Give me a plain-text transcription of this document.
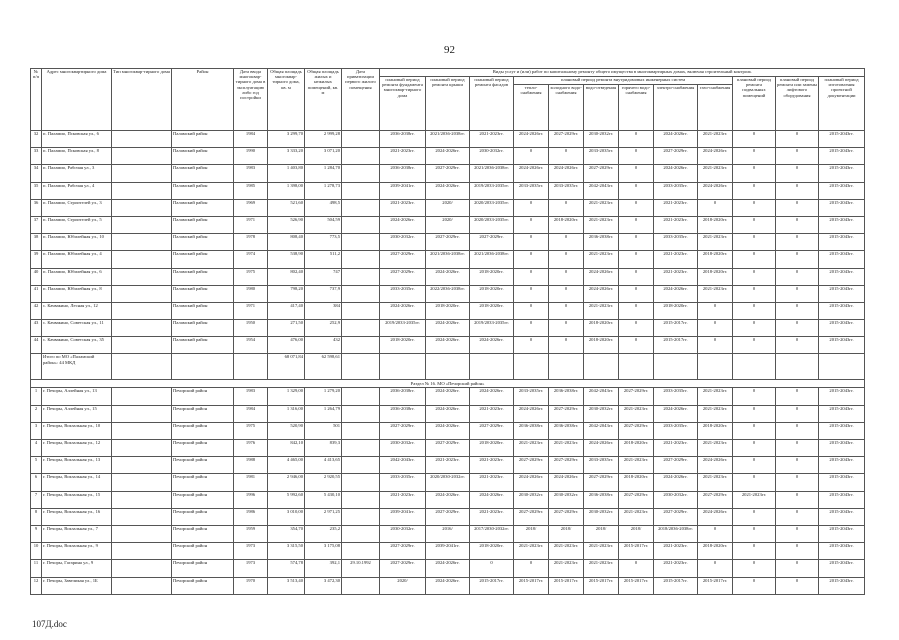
92
№ п/п	Адрес многоквартирного дома	Тип многоквар-тирного дома	Район	Дата ввода многоквар-тирного дома в эксплуатацию либо год постройки	Общая площадь многоквар-тирного дома, кв. м	Общая площадь жилых и нежилых помещений, кв. м	Дата приватизации первого жилого помещения	Виды услуг и (или) работ по капитальному ремонту общего имущества в многоквартирных домах, включая строительный контроль											
								плановый период ремонта фундамента многоквар-тирного дома	плановый период ремонта крыши	плановый период ремонта фасадов	плановый период ремонта внутридомовых инженерных систем						плановый период ремонта подвальных помещений	плановый период ремонта или замены лифтового оборудования	плановый период изготовления проектной документации
											тепло-снабжения	холодного водо-снабжения	водо-отведения	горячего водо-снабжения	электро-снабжения	газо-снабжения			
32	п. Паламио, Псковская ул., 6		Паламский район	1984	3 299,70	2 999,28		2036-2038гг.	2021/2036-2038гг.	2021-2023гг.	2024-2026гг.	2027-2029гг.	2030-2032гг.	0	2024-2026гг.	2021-2023гг.	0	0	2015-2043гг.
33	п. Паламио, Псковская ул., 8		Паламский район	1990	3 333,20	3 071,20		2021-2023гг.	2024-2026гг.	2030-2032гг.	0	0	2033-2035гг.	0	2027-2029гг.	2024-2026гг.	0	0	2015-2043гг.
34	п. Паламио, Рабочая ул., 3		Паламский район	1983	1 403,80	1 284,70		2036-2038гг.	2027-2029гг.	2021/2036-2038гг.	2024-2026гг.	2024-2026гг.	2027-2029гг.	0	2024-2026гг.	2021-2023гг.	0	0	2015-2043гг.
35	п. Паламио, Рабочая ул., 4		Паламский район	1985	1 398,00	1 278,73		2039-2041гг.	2024-2026гг.	2019/2033-2035гг.	2033-2035гг.	2033-2035гг.	2042-2043гг.	0	2033-2035гг.	2024-2026гг.	0	0	2015-2043гг.
36	п. Паламио, Строителей ул., 3		Паламский район	1969	521,60	498,5		2021-2023гг.	2020/	2020/2033-2035гг.	0	0	2021-2023гг.	0	2021-2023гг.	0	0	0	2015-2043гг.
37	п. Паламио, Строителей ул., 5		Паламский район	1971	526,90	504,59		2024-2026гг.	2020/	2020/2033-2035гг.	0	2018-2020гг.	2021-2023гг.	0	2021-2023гг.	2018-2020гг.	0	0	2015-2043гг.
38	п. Паламио, Юбилейная ул., 10		Паламский район	1978	808,40	773,5		2030-2032гг.	2027-2029гг.	2027-2029гг.	0	0	2036-2038гг.	0	2033-2035гг.	2021-2023гг.	0	0	2015-2043гг.
39	п. Паламио, Юбилейная ул., 4		Паламский район	1974	538,90	511,2		2027-2029гг.	2021/2036-2038гг.	2021/2036-2038гг.	0	0	2021-2023гг.	0	2021-2023гг.	2018-2020гг.	0	0	2015-2043гг.
40	п. Паламио, Юбилейная ул., 6		Паламский район	1975	802,40	747		2027-2029гг.	2024-2026гг.	2018-2020гг.	0	0	2024-2026гг.	0	2021-2023гг.	2018-2020гг.	0	0	2015-2043гг.
41	п. Паламио, Юбилейная ул., 8		Паламский район	1980	798,20	737,9		2033-2035гг.	2022/2036-2038гг.	2018-2020гг.	0	0	2024-2026гг.	0	2024-2026гг.	2021-2023гг.	0	0	2015-2043гг.
42	с. Качвакино, Лесная ул., 12		Паламский район	1971	417,40	384		2024-2026гг.	2018-2020гг.	2018-2020гг.	0	0	2021-2023гг.	0	2018-2020гг.	0	0	0	2015-2043гг.
43	с. Качвакино, Советская ул., 11		Паламский район	1950	271,50	252,9		2019/2033-2035гг.	2024-2026гг.	2019/2033-2035гг.	0	0	2018-2020гг.	0	2015-2017гг.	0	0	0	2015-2043гг.
44	с. Качвакино, Советская ул., 35		Паламский район	1954	476,00	432		2018-2020гг.	2024-2026гг.	2024-2026гг.	0	0	2018-2020гг.	0	2015-2017гг.	0	0	0	2015-2043гг.
	Итого по МО «Паламский район»: 44 МКД				68 071,84	62 598,61													
Раздел № 16. МО «Печорский район»																			
1	г. Печоры, Аллейная ул., 13		Печорский район	1983	1 329,00	1 279,20		2036-2038гг.	2024-2026гг.	2024-2026гг.	2033-2035гг.	2036-2038гг.	2042-2043гг.	2027-2029гг.	2033-2035гг.	2021-2023гг.	0	0	2015-2043гг.
2	г. Печоры, Аллейная ул., 15		Печорский район	1984	1 316,00	1 264,79		2036-2038гг.	2024-2026гг.	2021-2023гг.	2024-2026гг.	2027-2029гг.	2030-2032гг.	2021-2023гг.	2024-2026гг.	2021-2023гг.	0	0	2015-2043гг.
3	г. Печоры, Вокзальная ул., 10		Печорский район	1975	520,90	501		2027-2029гг.	2024-2026гг.	2027-2029гг.	2036-2038гг.	2036-2038гг.	2042-2043гг.	2027-2029гг.	2033-2035гг.	2018-2020гг.	0	0	2015-2043гг.
4	г. Печоры, Вокзальная ул., 12		Печорский район	1976	842,10	839,3		2030-2032гг.	2027-2029гг.	2018-2020гг.	2021-2023гг.	2021-2023гг.	2024-2026гг.	2018-2020гг.	2021-2023гг.	2021-2023гг.	0	0	2015-2043гг.
5	г. Печоры, Вокзальная ул., 13		Печорский район	1988	4 465,00	4 413,65		2042-2043гг.	2021-2023гг.	2021-2023гг.	2027-2029гг.	2027-2029гг.	2033-2035гг.	2021-2023гг.	2027-2029гг.	2024-2026гг.	0	0	2015-2043гг.
6	г. Печоры, Вокзальная ул., 14		Печорский район	1981	2 946,00	2 920,55		2033-2035гг.	2020/2030-2032гг.	2021-2023гг.	2024-2026гг.	2024-2026гг.	2027-2029гг.	2018-2020гг.	2024-2026гг.	2021-2023гг.	0	0	2015-2043гг.
7	г. Печоры, Вокзальная ул., 15		Печорский район	1996	5 992,60	5 430,10		2021-2023гг.	2024-2026гг.	2024-2026гг.	2030-2032гг.	2030-2032гг.	2036-2038гг.	2027-2029гг.	2030-2032гг.	2027-2029гг.	2021-2023гг.	0	2015-2043гг.
8	г. Печоры, Вокзальная ул., 16		Печорский район	1986	3 010,00	2 971,25		2039-2041гг.	2027-2029гг.	2021-2023гг.	2027-2029гг.	2027-2029гг.	2030-2032гг.	2021-2023гг.	2027-2029гг.	2024-2026гг.	0	0	2015-2043гг.
9	г. Печоры, Вокзальная ул., 7		Печорский район	1959	354,70	235,2		2030-2032гг.	2016/	2017/2030-2032гг.	2018/	2018/	2018/	2018/	2018/2036-2038гг.	0	0	0	2015-2043гг.
10	г. Печоры, Вокзальная ул., 9		Печорский район	1973	3 315,50	3 175,08		2027-2029гг.	2039-2041гг.	2018-2020гг.	2021-2023гг.	2021-2023гг.	2021-2023гг.	2015-2017гг.	2021-2023гг.	2018-2020гг.	0	0	2015-2043гг.
11	г. Печоры, Гагарина ул., 9		Печорский район	1973	574,78	392,1	29.10.1992	2027-2029гг.	2024-2026гг.	0	0	2021-2023гг.	2021-2023гг.	0	2021-2023гг.	0	0	0	2015-2043гг.
12	г. Печоры, Завеликая ул., 1Б		Печорский район	1970	3 513,40	3 472,30		2020/	2024-2026гг.	2015-2017гг.	2015-2017гг.	2015-2017гг.	2015-2017гг.	2015-2017гг.	2015-2017гг.	2015-2017гг.	0	0	2015-2043гг.
107Д.doc
